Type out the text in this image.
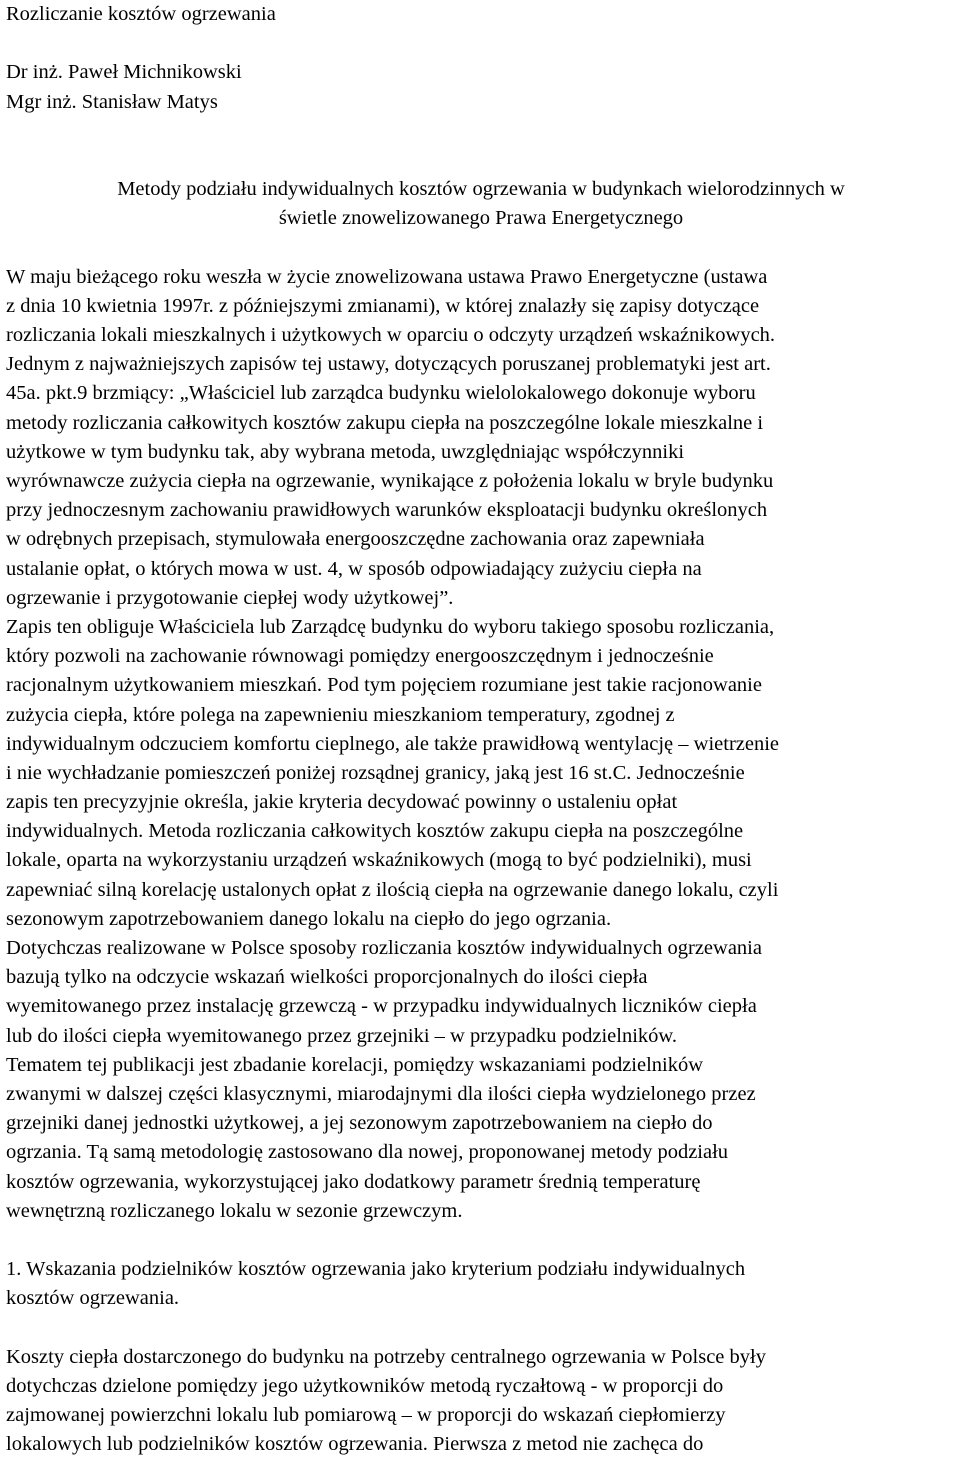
Rozliczanie kosztów ogrzewania
Dr inż. Paweł Michnikowski
Mgr inż. Stanisław Matys
Metody podziału indywidualnych kosztów ogrzewania w budynkach wielorodzinnych w
świetle znowelizowanego Prawa Energetycznego
W maju bieżącego roku weszła w życie znowelizowana ustawa Prawo Energetyczne (ustawa
z dnia 10 kwietnia 1997r. z późniejszymi zmianami), w której znalazły się zapisy dotyczące
rozliczania lokali mieszkalnych i użytkowych w oparciu o odczyty urządzeń wskaźnikowych.
Jednym z najważniejszych zapisów tej ustawy, dotyczących poruszanej problematyki jest art.
45a. pkt.9 brzmiący: „Właściciel lub zarządca budynku wielolokalowego dokonuje wyboru
metody rozliczania całkowitych kosztów zakupu ciepła na poszczególne lokale mieszkalne i
użytkowe w tym budynku tak, aby wybrana metoda, uwzględniając współczynniki
wyrównawcze zużycia ciepła na ogrzewanie, wynikające z położenia lokalu w bryle budynku
przy jednoczesnym zachowaniu prawidłowych warunków eksploatacji budynku określonych
w odrębnych przepisach, stymulowała energooszczędne zachowania oraz zapewniała
ustalanie opłat, o których mowa w ust. 4, w sposób odpowiadający zużyciu ciepła na
ogrzewanie i przygotowanie ciepłej wody użytkowej”.
Zapis ten obliguje Właściciela lub Zarządcę budynku do wyboru takiego sposobu rozliczania,
który pozwoli na zachowanie równowagi pomiędzy energooszczędnym i jednocześnie
racjonalnym użytkowaniem mieszkań. Pod tym pojęciem rozumiane jest takie racjonowanie
zużycia ciepła, które polega na zapewnieniu mieszkaniom temperatury, zgodnej z
indywidualnym odczuciem komfortu cieplnego, ale także prawidłową wentylację – wietrzenie
i nie wychładzanie pomieszczeń poniżej rozsądnej granicy, jaką jest 16 st.C. Jednocześnie
zapis ten precyzyjnie określa, jakie kryteria decydować powinny o ustaleniu opłat
indywidualnych. Metoda rozliczania całkowitych kosztów zakupu ciepła na poszczególne
lokale, oparta na wykorzystaniu urządzeń wskaźnikowych (mogą to być podzielniki), musi
zapewniać silną korelację ustalonych opłat z ilością ciepła na ogrzewanie danego lokalu, czyli
sezonowym zapotrzebowaniem danego lokalu na ciepło do jego ogrzania.
Dotychczas realizowane w Polsce sposoby rozliczania kosztów indywidualnych ogrzewania
bazują tylko na odczycie wskazań wielkości proporcjonalnych do ilości ciepła
wyemitowanego przez instalację grzewczą - w przypadku indywidualnych liczników ciepła
lub do ilości ciepła wyemitowanego przez grzejniki – w przypadku podzielników.
Tematem tej publikacji jest zbadanie korelacji, pomiędzy wskazaniami podzielników
zwanymi w dalszej części klasycznymi, miarodajnymi dla ilości ciepła wydzielonego przez
grzejniki danej jednostki użytkowej, a jej sezonowym zapotrzebowaniem na ciepło do
ogrzania. Tą samą metodologię zastosowano dla nowej, proponowanej metody podziału
kosztów ogrzewania, wykorzystującej jako dodatkowy parametr średnią temperaturę
wewnętrzną rozliczanego lokalu w sezonie grzewczym.
1. Wskazania podzielników kosztów ogrzewania jako kryterium podziału indywidualnych
kosztów ogrzewania.
Koszty ciepła dostarczonego do budynku na potrzeby centralnego ogrzewania w Polsce były
dotychczas dzielone pomiędzy jego użytkowników metodą ryczałtową - w proporcji do
zajmowanej powierzchni lokalu lub pomiarową – w proporcji do wskazań ciepłomierzy
lokalowych lub podzielników kosztów ogrzewania. Pierwsza z metod nie zachęca do
